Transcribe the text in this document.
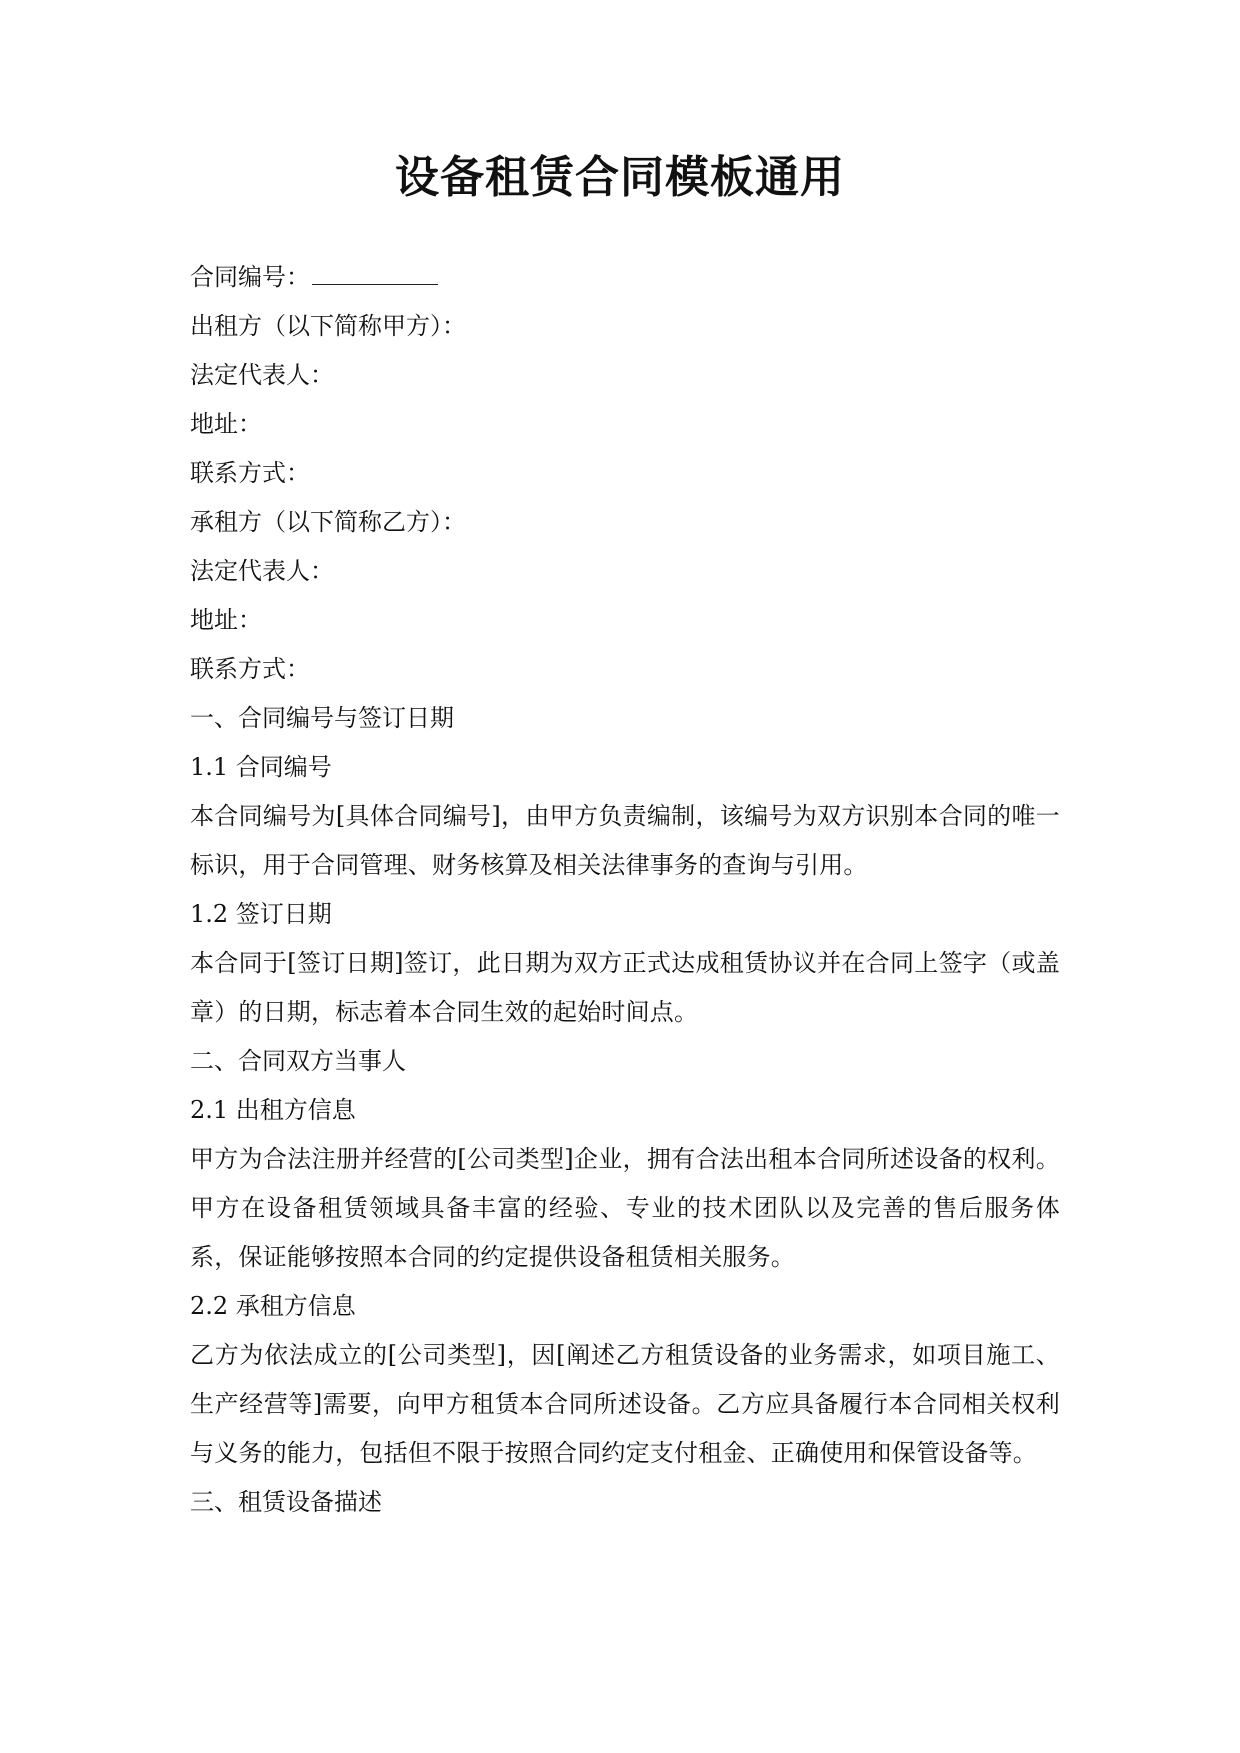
设备租赁合同模板通用
合同编号：
出租方（以下简称甲方）：
法定代表人：
地址：
联系方式：
承租方（以下简称乙方）：
法定代表人：
地址：
联系方式：
一、合同编号与签订日期
1.1 合同编号

本合同编号为[具体合同编号]，由甲方负责编制，该编号为双方识别本合同的唯一标识，用于合同管理、财务核算及相关法律事务的查询与引用。

1.2 签订日期

本合同于[签订日期]签订，此日期为双方正式达成租赁协议并在合同上签字（或盖章）的日期，标志着本合同生效的起始时间点。

二、合同双方当事人
2.1 出租方信息

甲方为合法注册并经营的[公司类型]企业，拥有合法出租本合同所述设备的权利。甲方在设备租赁领域具备丰富的经验、专业的技术团队以及完善的售后服务体系，保证能够按照本合同的约定提供设备租赁相关服务。

2.2 承租方信息

乙方为依法成立的[公司类型]，因[阐述乙方租赁设备的业务需求，如项目施工、生产经营等]需要，向甲方租赁本合同所述设备。乙方应具备履行本合同相关权利与义务的能力，包括但不限于按照合同约定支付租金、正确使用和保管设备等。

三、租赁设备描述
